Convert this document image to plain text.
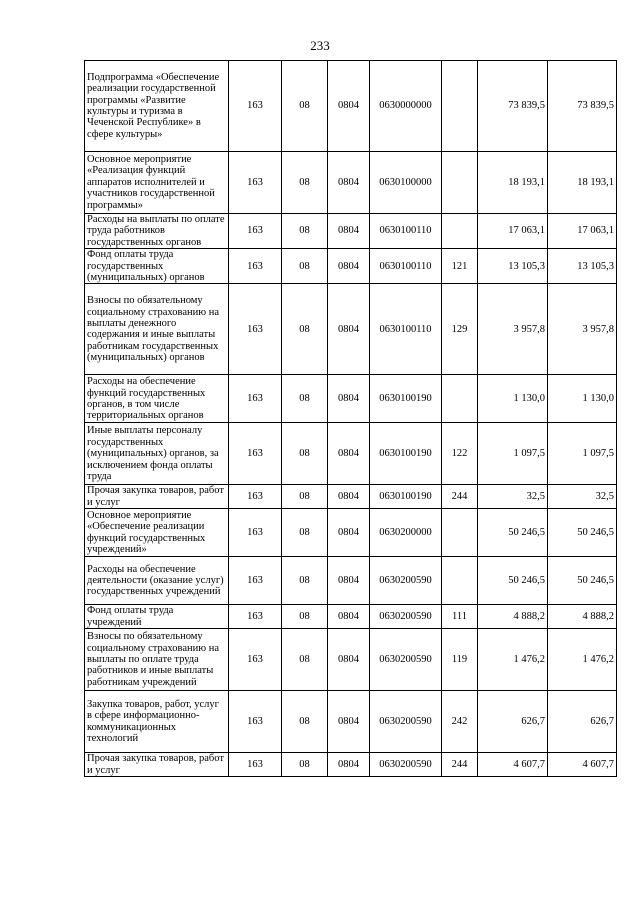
233
Подпрограмма «Обеспечение реализации государственной программы «Развитие культуры и туризма в Чеченской Республике» в сфере культуры»	163	08	0804	0630000000		73 839,5	73 839,5
Основное мероприятие «Реализация функций аппаратов исполнителей и участников государственной программы»	163	08	0804	0630100000		18 193,1	18 193,1
Расходы на выплаты по оплате труда работников государственных органов	163	08	0804	0630100110		17 063,1	17 063,1
Фонд оплаты труда государственных (муниципальных) органов	163	08	0804	0630100110	121	13 105,3	13 105,3
Взносы по обязательному социальному страхованию на выплаты денежного содержания и иные выплаты работникам государственных (муниципальных) органов	163	08	0804	0630100110	129	3 957,8	3 957,8
Расходы на обеспечение функций государственных органов, в том числе территориальных органов	163	08	0804	0630100190		1 130,0	1 130,0
Иные выплаты персоналу государственных (муниципальных) органов, за исключением фонда оплаты труда	163	08	0804	0630100190	122	1 097,5	1 097,5
Прочая закупка товаров, работ и услуг	163	08	0804	0630100190	244	32,5	32,5
Основное мероприятие «Обеспечение реализации функций государственных учреждений»	163	08	0804	0630200000		50 246,5	50 246,5
Расходы на обеспечение деятельности (оказание услуг) государственных учреждений	163	08	0804	0630200590		50 246,5	50 246,5
Фонд оплаты труда учреждений	163	08	0804	0630200590	111	4 888,2	4 888,2
Взносы по обязательному социальному страхованию на выплаты по оплате труда работников и иные выплаты работникам учреждений	163	08	0804	0630200590	119	1 476,2	1 476,2
Закупка товаров, работ, услуг в сфере информационно-коммуникационных технологий	163	08	0804	0630200590	242	626,7	626,7
Прочая закупка товаров, работ и услуг	163	08	0804	0630200590	244	4 607,7	4 607,7
